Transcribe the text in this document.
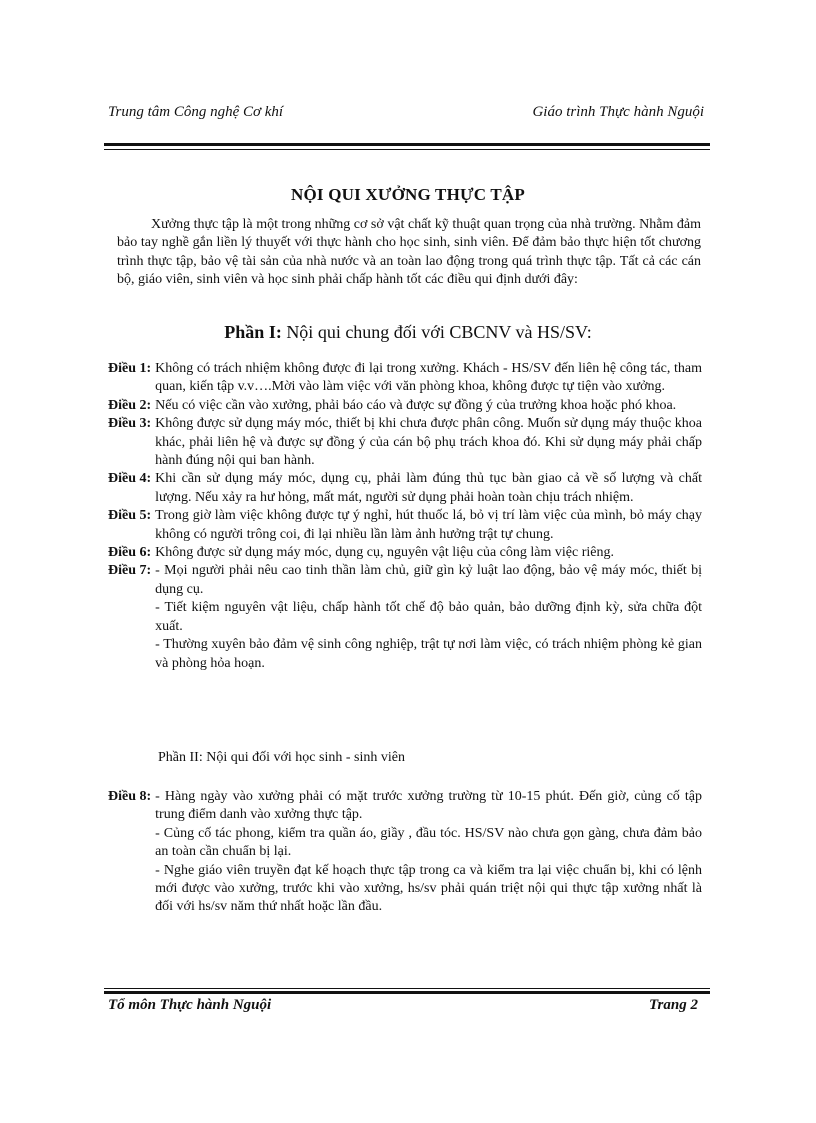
Trung tâm Công nghệ Cơ khí	Giáo trình Thực hành Nguội
NỘI QUI XƯỞNG THỰC TẬP

Xưởng thực tập là một trong những cơ sở vật chất kỹ thuật quan trọng của nhà trường. Nhằm đảm bảo tay nghề gắn liền lý thuyết với thực hành cho học sinh, sinh viên. Để đảm bảo thực hiện tốt chương trình thực tập, bảo vệ tài sản của nhà nước và an toàn lao động trong quá trình thực tập. Tất cả các cán bộ, giáo viên, sinh viên và học sinh phải chấp hành tốt các điều qui định dưới đây:

Phần I: Nội qui chung đối với CBCNV và HS/SV:
Điều 1: Không có trách nhiệm không được đi lại trong xưởng. Khách - HS/SV đến liên hệ công tác, tham quan, kiến tập v.v….Mời vào làm việc với văn phòng khoa, không được tự tiện vào xưởng.

Điều 2: Nếu có việc cần vào xưởng, phải báo cáo và được sự đồng ý của trưởng khoa hoặc phó khoa.

Điều 3: Không được sử dụng máy móc, thiết bị khi chưa được phân công. Muốn sử dụng máy thuộc khoa khác, phải liên hệ và được sự đồng ý của cán bộ phụ trách khoa đó. Khi sử dụng máy phải chấp hành đúng nội qui ban hành.

Điều 4: Khi cần sử dụng máy móc, dụng cụ, phải làm đúng thủ tục bàn giao cả về số lượng và chất lượng. Nếu xảy ra hư hỏng, mất mát, người sử dụng phải hoàn toàn chịu trách nhiệm.

Điều 5: Trong giờ làm việc không được tự ý nghỉ, hút thuốc lá, bỏ vị trí làm việc của mình, bỏ máy chạy không có người trông coi, đi lại nhiều lần làm ảnh hưởng trật tự chung.

Điều 6: Không được sử dụng máy móc, dụng cụ, nguyên vật liệu của công làm việc riêng.

Điều 7: - Mọi người phải nêu cao tinh thần làm chủ, giữ gìn kỷ luật lao động, bảo vệ máy móc, thiết bị dụng cụ.

- Tiết kiệm nguyên vật liệu, chấp hành tốt chế độ bảo quản, bảo dưỡng định kỳ, sửa chữa đột xuất.

- Thường xuyên bảo đảm vệ sinh công nghiệp, trật tự nơi làm việc, có trách nhiệm phòng kẻ gian và phòng hỏa hoạn.

Phần II: Nội qui đối với học sinh - sinh viên
Điều 8: - Hàng ngày vào xưởng phải có mặt trước xưởng trường từ 10-15 phút. Đến giờ, củng cố tập trung điểm danh vào xưởng thực tập.

- Củng cố tác phong, kiểm tra quần áo, giầy , đầu tóc. HS/SV nào chưa gọn gàng, chưa đảm bảo an toàn cần chuẩn bị lại.

- Nghe giáo viên truyền đạt kế hoạch thực tập trong ca và kiểm tra lại việc chuẩn bị, khi có lệnh mới được vào xưởng, trước khi vào xưởng, hs/sv phải quán triệt nội qui thực tập xưởng nhất là đối với hs/sv năm thứ nhất hoặc lần đầu.

Tổ môn Thực hành Nguội	Trang 2
